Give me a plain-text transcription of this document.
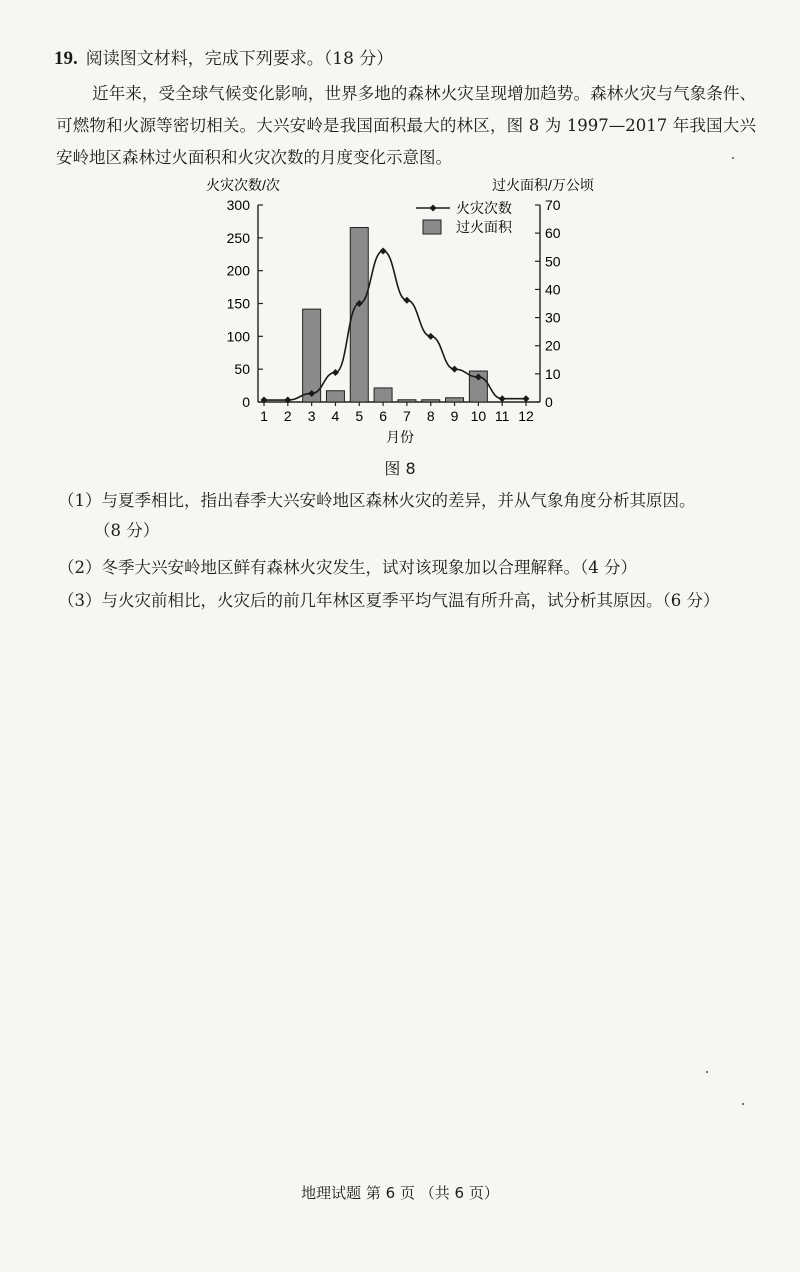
19. 阅读图文材料，完成下列要求。（18 分）
近年来，受全球气候变化影响，世界多地的森林火灾呈现增加趋势。森林火灾与气象条件、可燃物和火源等密切相关。大兴安岭是我国面积最大的林区，图 8 为 1997—2017 年我国大兴安岭地区森林过火面积和火灾次数的月度变化示意图。
火灾次数/次	过火面积/万公顷
月份
0
50
100
150
200
250
300
0
10
20
30
40
50
60
70
1 2 3 4 5 6 7 8 9 10 11 12
火灾次数
过火面积
图 8
（1）与夏季相比，指出春季大兴安岭地区森林火灾的差异，并从气象角度分析其原因。
（8 分）
（2）冬季大兴安岭地区鲜有森林火灾发生，试对该现象加以合理解释。（4 分）
（3）与火灾前相比，火灾后的前几年林区夏季平均气温有所升高，试分析其原因。（6 分）
地理试题 第 6 页 （共 6 页）
